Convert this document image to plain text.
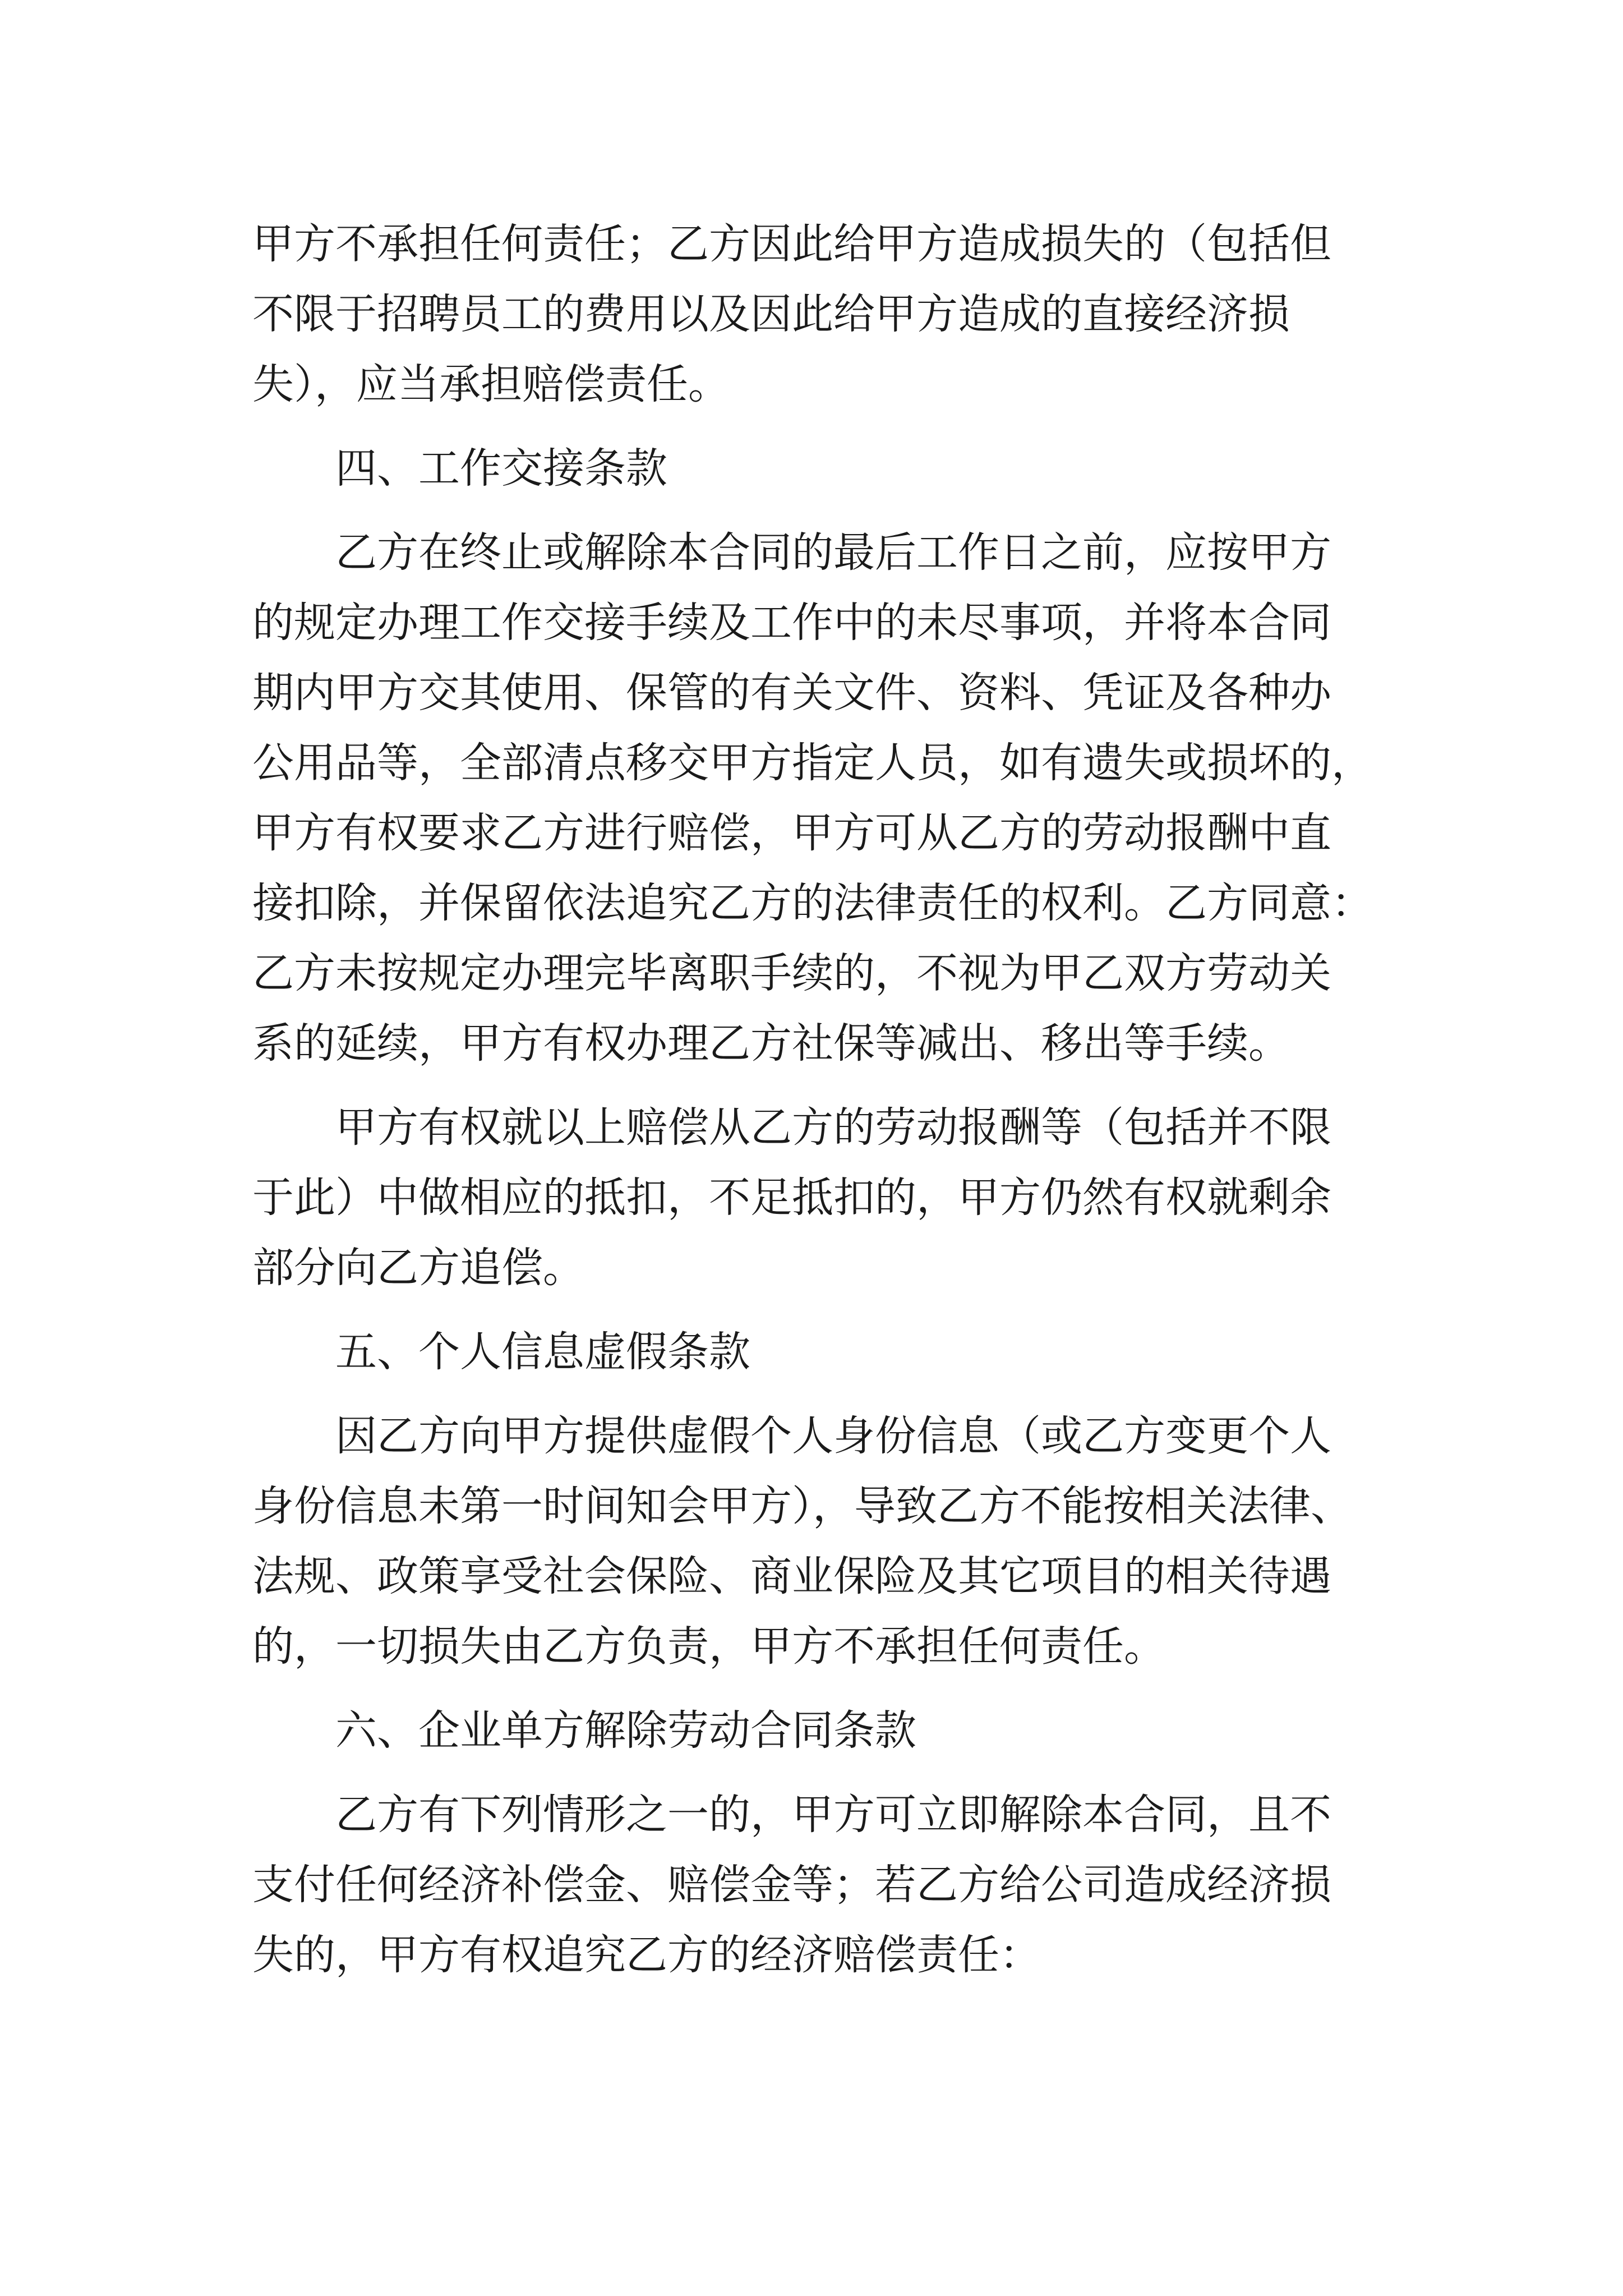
甲方不承担任何责任；乙方因此给甲方造成损失的（包括但

不限于招聘员工的费用以及因此给甲方造成的直接经济损

失），应当承担赔偿责任。

四、工作交接条款

乙方在终止或解除本合同的最后工作日之前，应按甲方

的规定办理工作交接手续及工作中的未尽事项，并将本合同

期内甲方交其使用、保管的有关文件、资料、凭证及各种办

公用品等，全部清点移交甲方指定人员，如有遗失或损坏的，

甲方有权要求乙方进行赔偿，甲方可从乙方的劳动报酬中直

接扣除，并保留依法追究乙方的法律责任的权利。乙方同意：

乙方未按规定办理完毕离职手续的，不视为甲乙双方劳动关

系的延续，甲方有权办理乙方社保等减出、移出等手续。

甲方有权就以上赔偿从乙方的劳动报酬等（包括并不限

于此）中做相应的抵扣，不足抵扣的，甲方仍然有权就剩余

部分向乙方追偿。

五、个人信息虚假条款

因乙方向甲方提供虚假个人身份信息（或乙方变更个人

身份信息未第一时间知会甲方），导致乙方不能按相关法律、

法规、政策享受社会保险、商业保险及其它项目的相关待遇

的，一切损失由乙方负责，甲方不承担任何责任。

六、企业单方解除劳动合同条款

乙方有下列情形之一的，甲方可立即解除本合同，且不

支付任何经济补偿金、赔偿金等；若乙方给公司造成经济损

失的，甲方有权追究乙方的经济赔偿责任：
